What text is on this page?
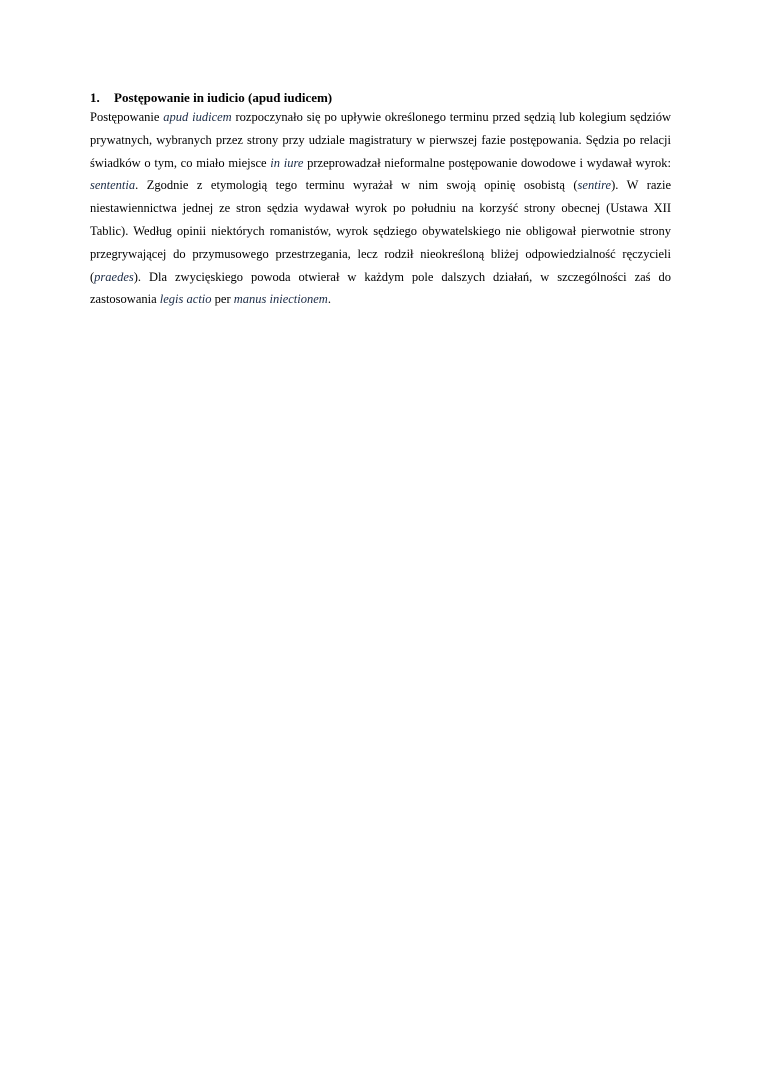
1. Postępowanie in iudicio (apud iudicem)

Postępowanie apud iudicem rozpoczynało się po upływie określonego terminu przed sędzią lub kolegium sędziów prywatnych, wybranych przez strony przy udziale magistratury w pierwszej fazie postępowania. Sędzia po relacji świadków o tym, co miało miejsce in iure przeprowadzał nieformalne postępowanie dowodowe i wydawał wyrok: sententia. Zgodnie z etymologią tego terminu wyrażał w nim swoją opinię osobistą (sentire). W razie niestawiennictwa jednej ze stron sędzia wydawał wyrok po południu na korzyść strony obecnej (Ustawa XII Tablic). Według opinii niektórych romanistów, wyrok sędziego obywatelskiego nie obligował pierwotnie strony przegrywającej do przymusowego przestrzegania, lecz rodził nieokreśloną bliżej odpowiedzialność ręczycieli (praedes). Dla zwycięskiego powoda otwierał w każdym pole dalszych działań, w szczególności zaś do zastosowania legis actio per manus iniectionem.
